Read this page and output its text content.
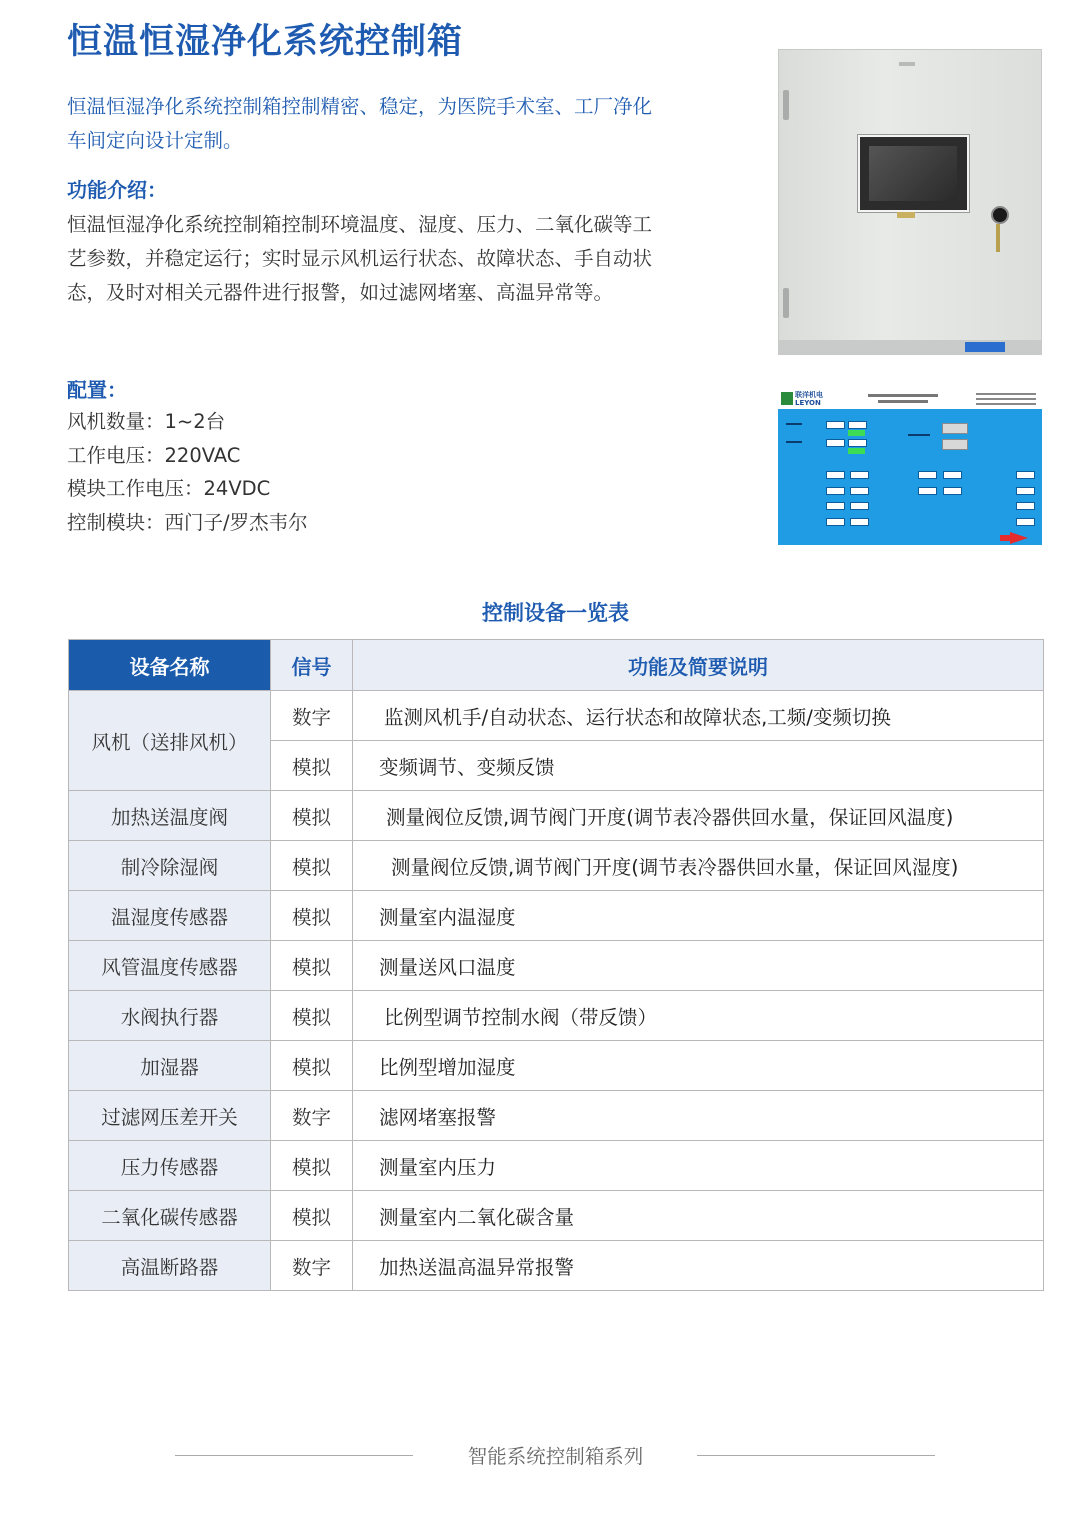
恒温恒湿净化系统控制箱
恒温恒湿净化系统控制箱控制精密、稳定，为医院手术室、工厂净化车间定向设计定制。
功能介绍：
恒温恒湿净化系统控制箱控制环境温度、湿度、压力、二氧化碳等工艺参数，并稳定运行；实时显示风机运行状态、故障状态、手自动状态，及时对相关元器件进行报警，如过滤网堵塞、高温异常等。
配置：
风机数量：1~2台
工作电压：220VAC
模块工作电压：24VDC
控制模块：西门子/罗杰韦尔
联洋机电
LEYON
控制设备一览表
设备名称	信号	功能及简要说明
风机（送排风机）	数字	监测风机手/自动状态、运行状态和故障状态,工频/变频切换
	模拟	变频调节、变频反馈
加热送温度阀	模拟	测量阀位反馈,调节阀门开度(调节表冷器供回水量，保证回风温度)
制冷除湿阀	模拟	测量阀位反馈,调节阀门开度(调节表冷器供回水量，保证回风湿度)
温湿度传感器	模拟	测量室内温湿度
风管温度传感器	模拟	测量送风口温度
水阀执行器	模拟	比例型调节控制水阀（带反馈）
加湿器	模拟	比例型增加湿度
过滤网压差开关	数字	滤网堵塞报警
压力传感器	模拟	测量室内压力
二氧化碳传感器	模拟	测量室内二氧化碳含量
高温断路器	数字	加热送温高温异常报警
智能系统控制箱系列
